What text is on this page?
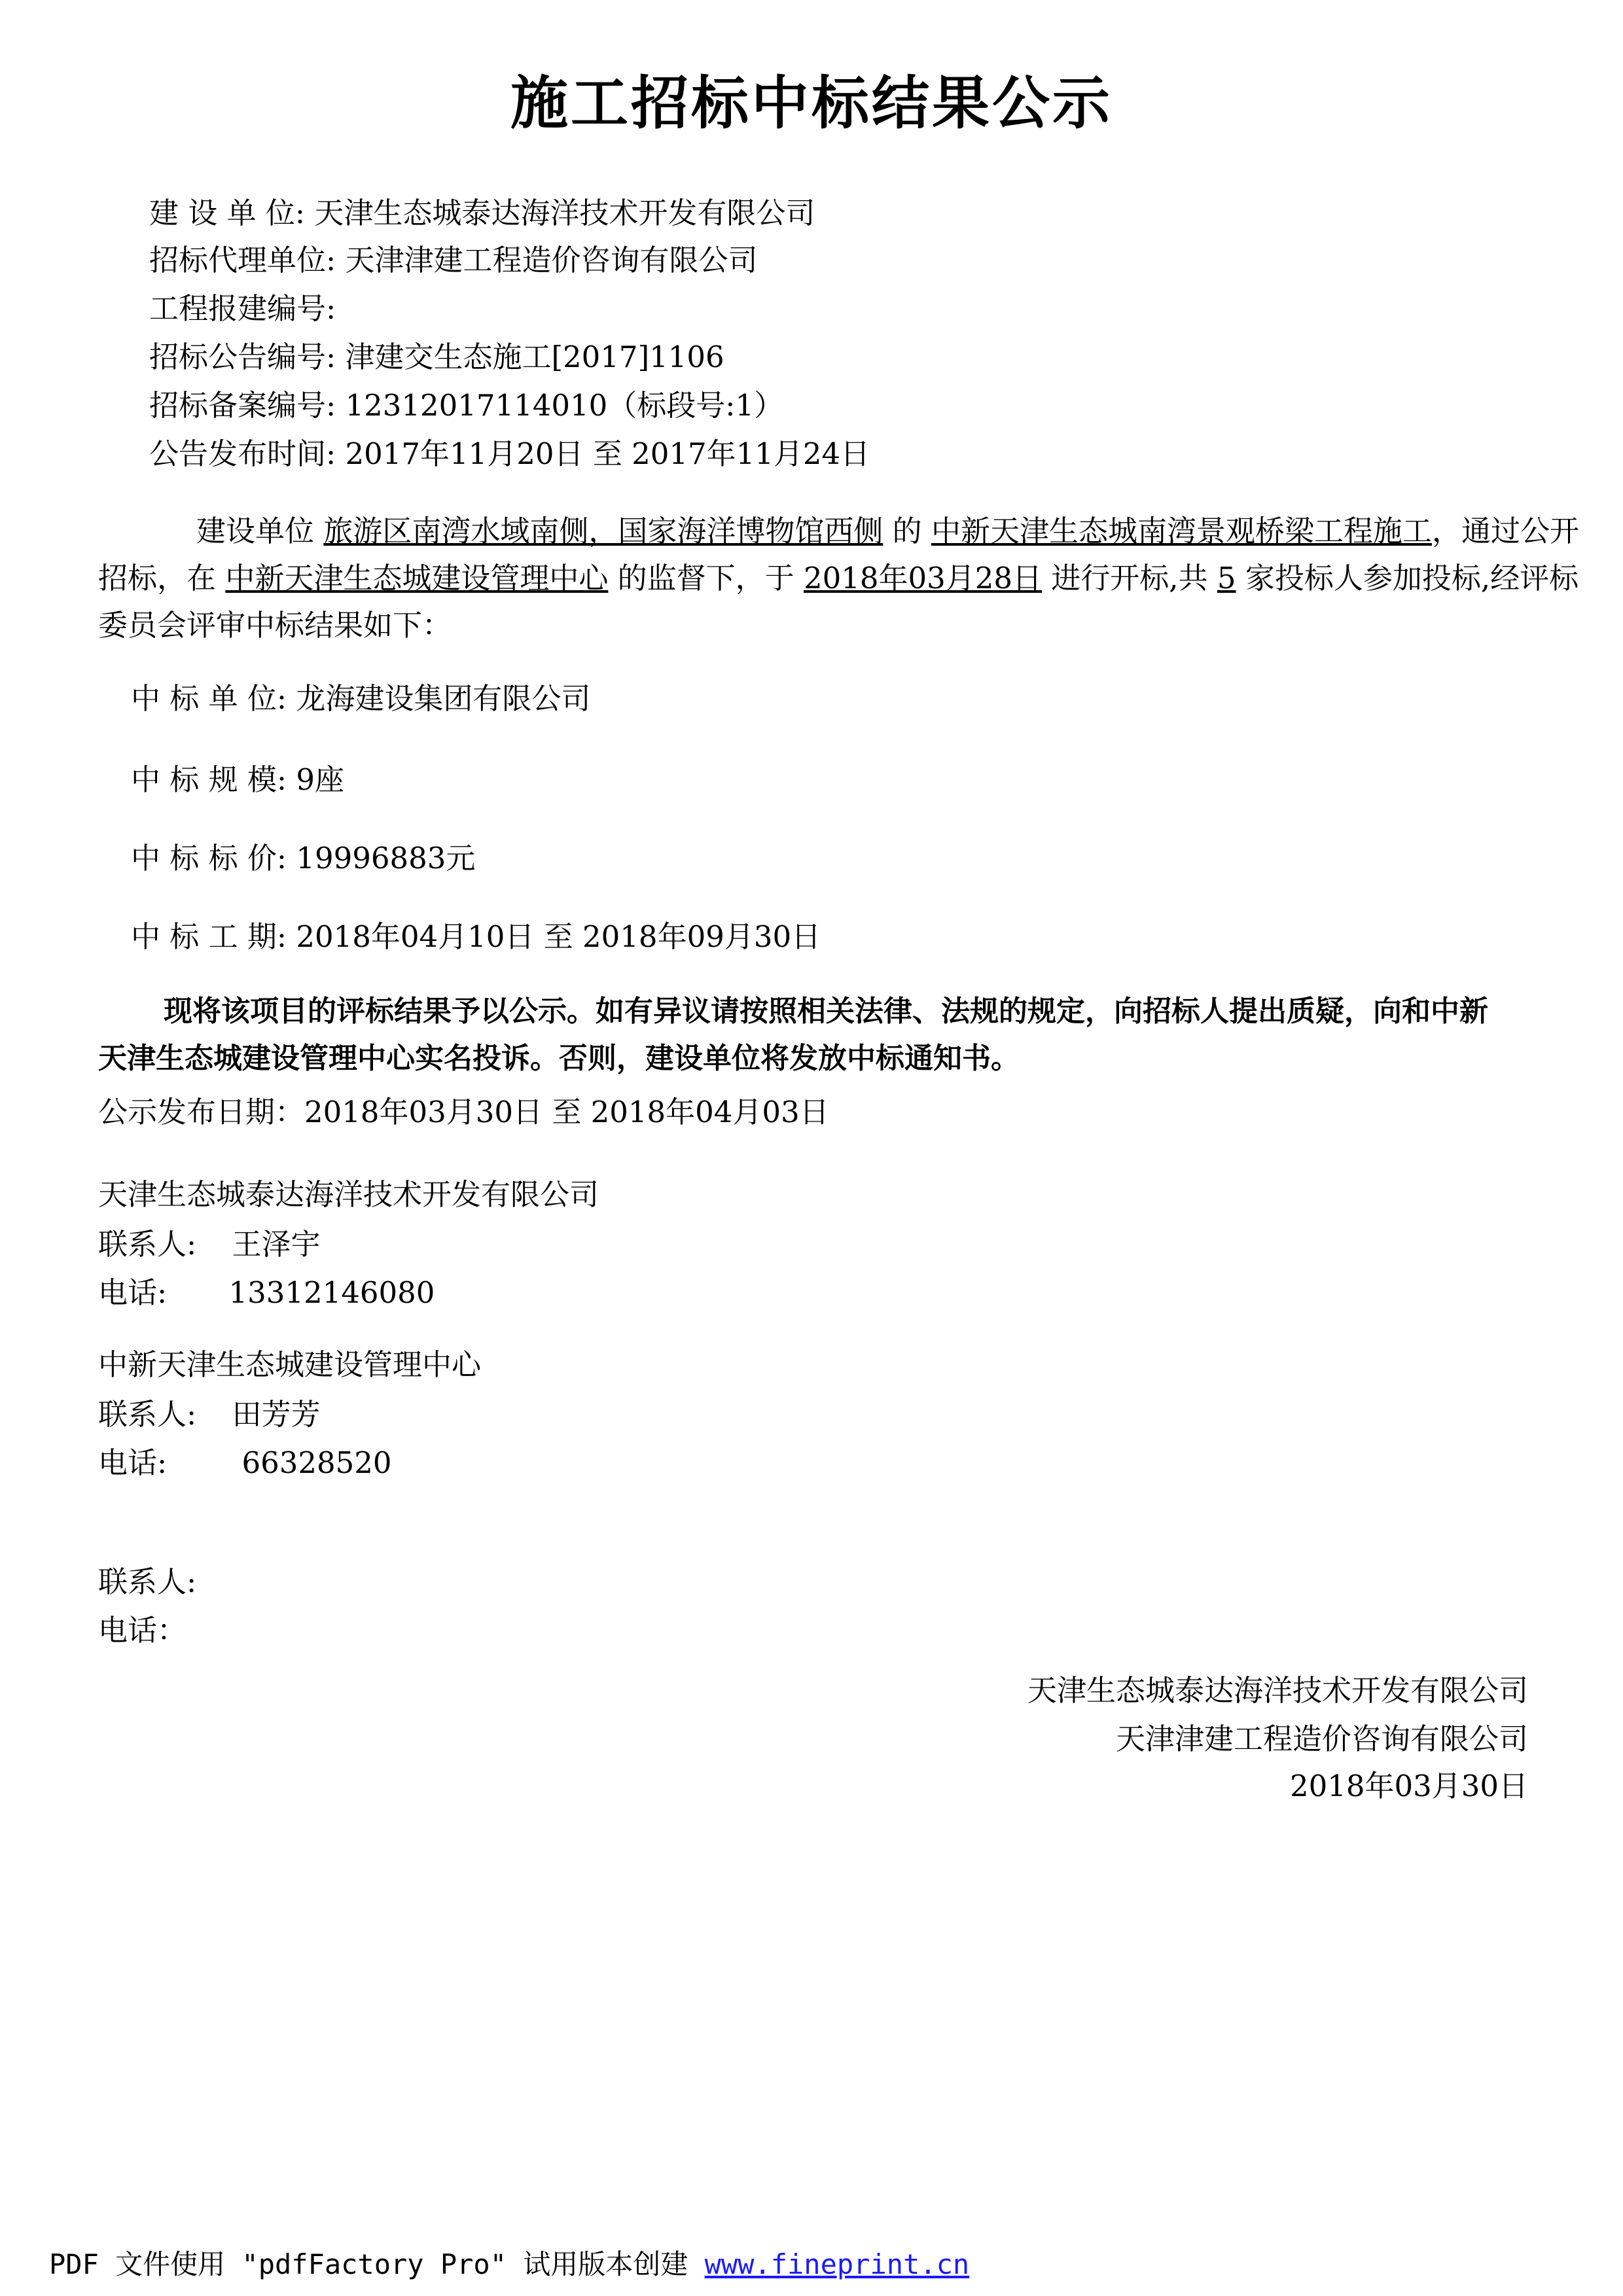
施工招标中标结果公示
建 设 单 位: 天津生态城泰达海洋技术开发有限公司
招标代理单位: 天津津建工程造价咨询有限公司
工程报建编号:
招标公告编号: 津建交生态施工[2017]1106
招标备案编号: 12312017114010（标段号:1）
公告发布时间: 2017年11月20日 至 2017年11月24日
建设单位 旅游区南湾水域南侧，国家海洋博物馆西侧 的 中新天津生态城南湾景观桥梁工程施工，通过公开招标，在 中新天津生态城建设管理中心 的监督下，于 2018年03月28日 进行开标,共 5 家投标人参加投标,经评标委员会评审中标结果如下：
中 标 单 位: 龙海建设集团有限公司
中 标 规 模: 9座
中 标 标 价: 19996883元
中 标 工 期: 2018年04月10日 至 2018年09月30日
现将该项目的评标结果予以公示。如有异议请按照相关法律、法规的规定，向招标人提出质疑，向和中新天津生态城建设管理中心实名投诉。否则，建设单位将发放中标通知书。
公示发布日期：2018年03月30日 至 2018年04月03日
天津生态城泰达海洋技术开发有限公司
联系人: 王泽宇
电话: 13312146080
中新天津生态城建设管理中心
联系人: 田芳芳
电话:	66328520
联系人:
电话：
天津生态城泰达海洋技术开发有限公司
天津津建工程造价咨询有限公司
2018年03月30日
PDF 文件使用 "pdfFactory Pro" 试用版本创建 www.fineprint.cn
